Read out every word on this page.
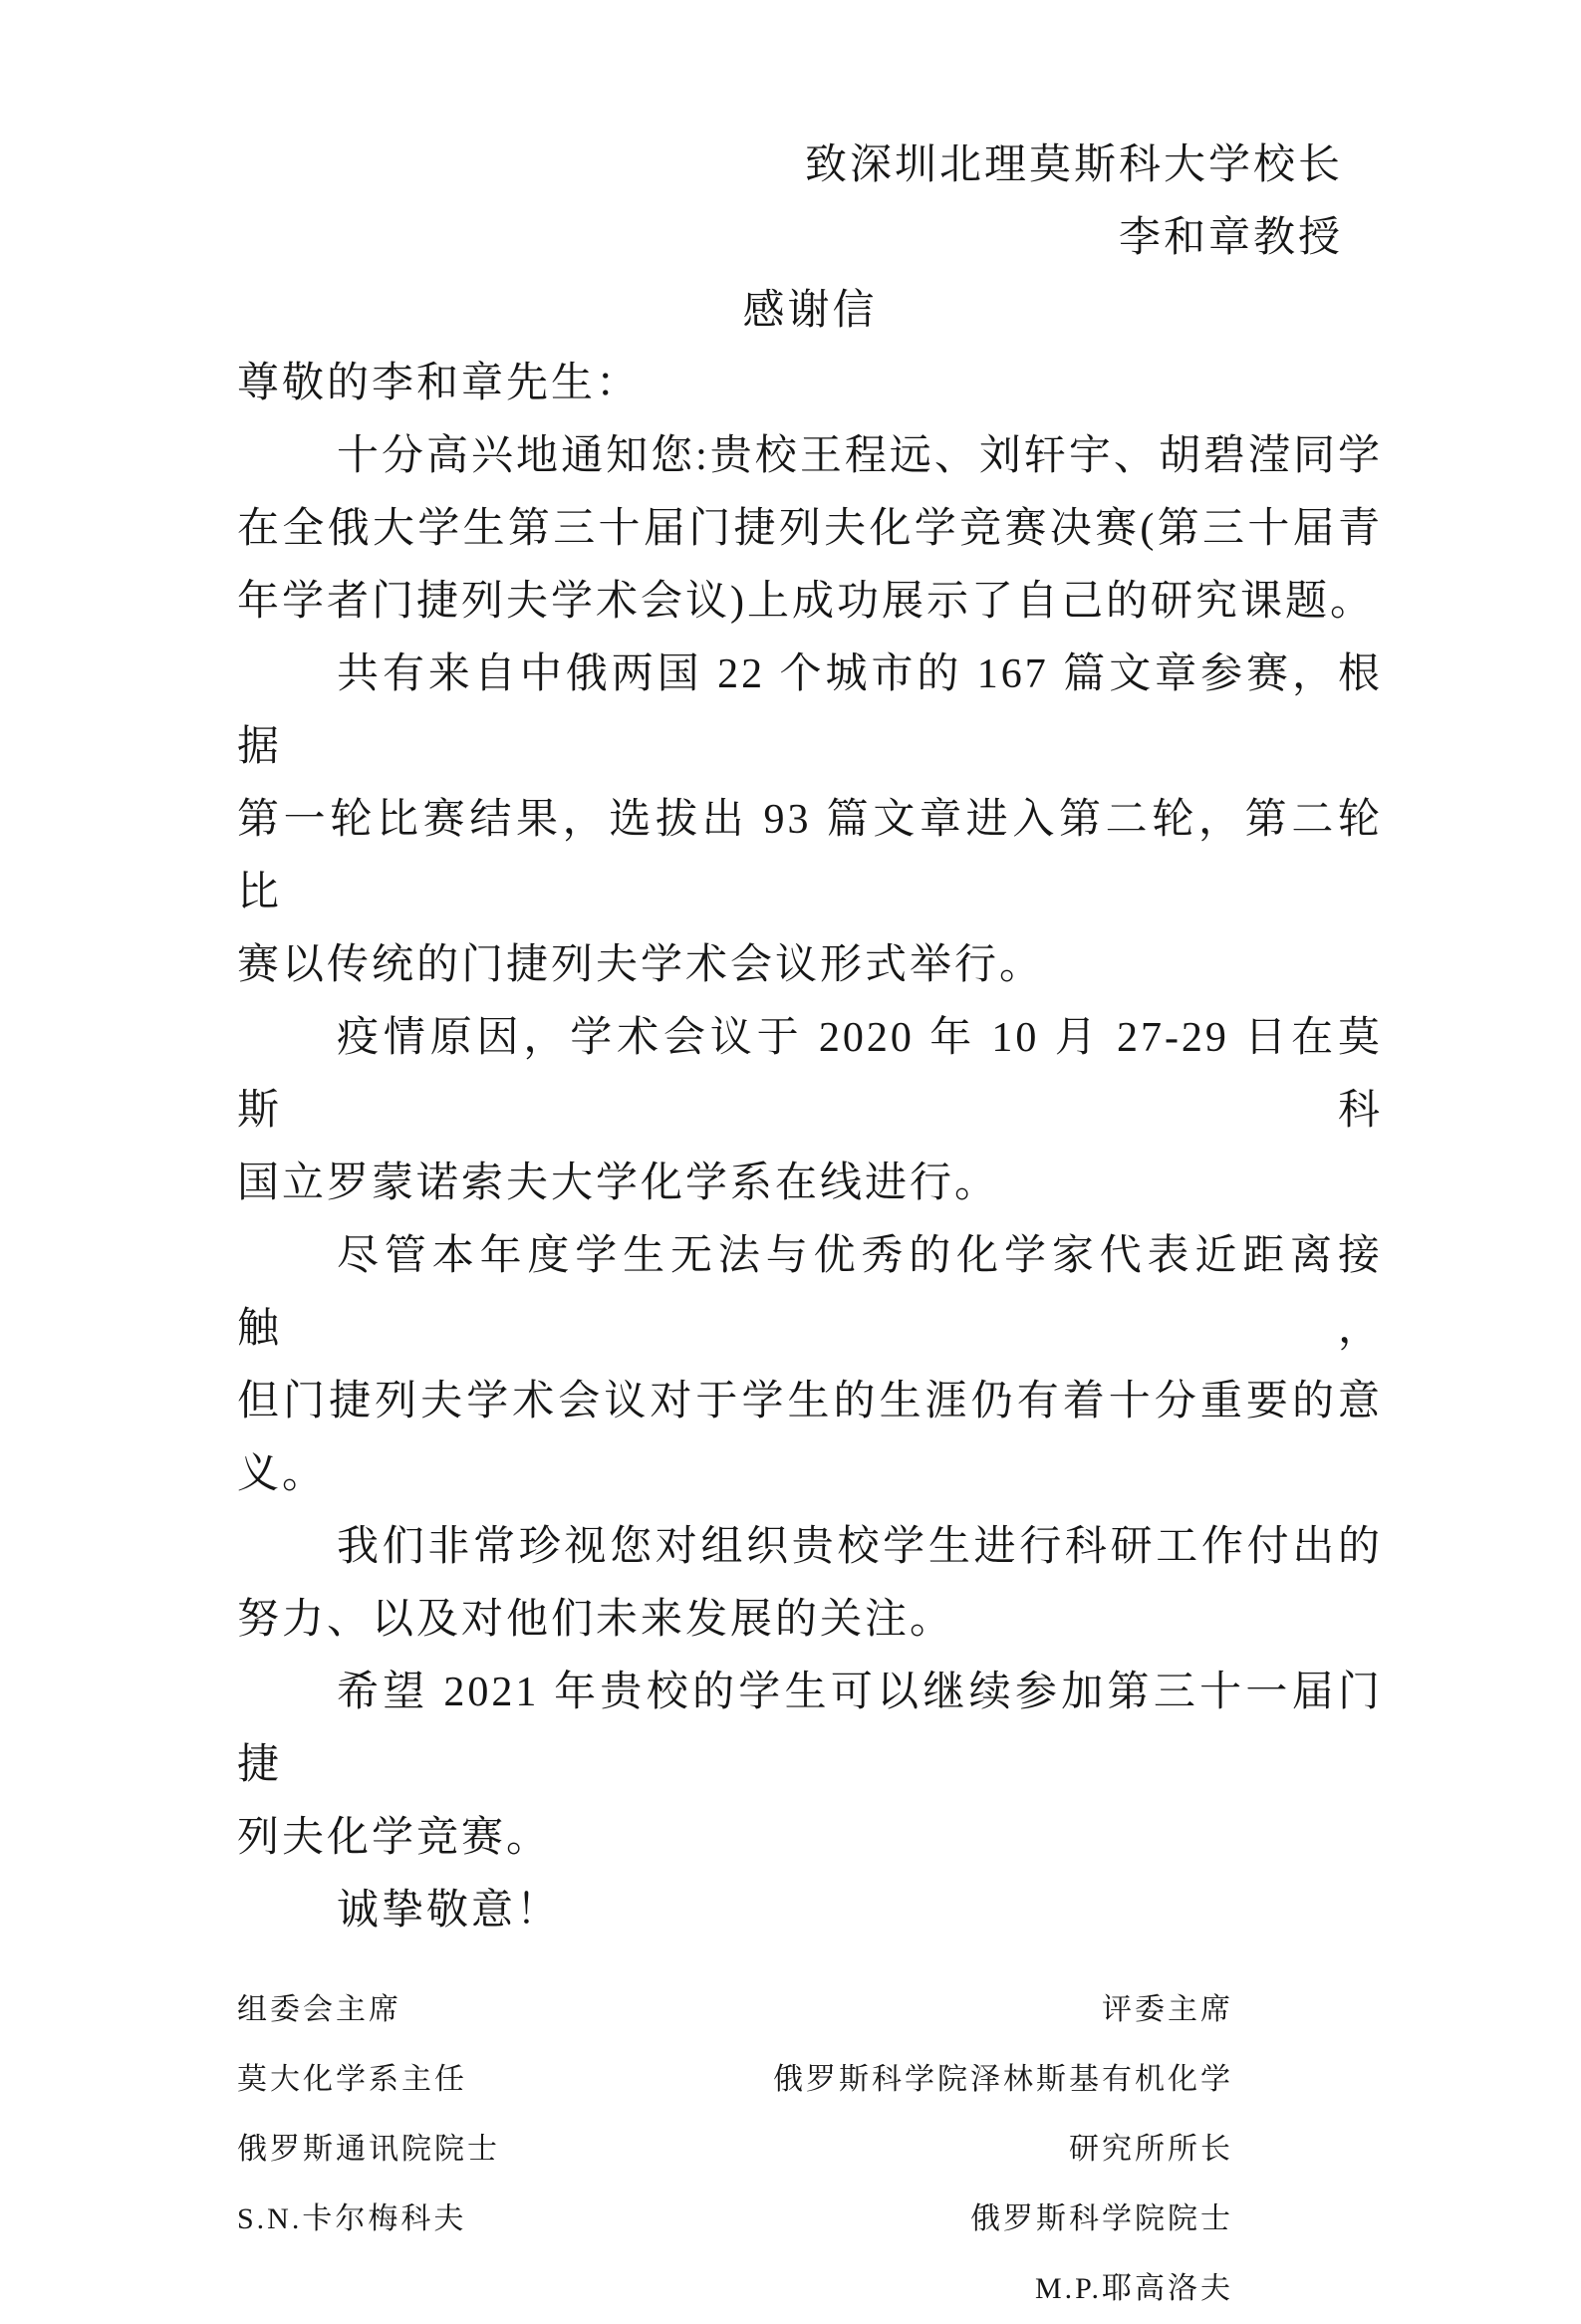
致深圳北理莫斯科大学校长
李和章教授
感谢信
尊敬的李和章先生：
十分高兴地通知您:贵校王程远、刘轩宇、胡碧滢同学
在全俄大学生第三十届门捷列夫化学竞赛决赛(第三十届青
年学者门捷列夫学术会议)上成功展示了自己的研究课题。
共有来自中俄两国 22 个城市的 167 篇文章参赛，根据
第一轮比赛结果，选拔出 93 篇文章进入第二轮，第二轮比
赛以传统的门捷列夫学术会议形式举行。
疫情原因，学术会议于 2020 年 10 月 27-29 日在莫斯科
国立罗蒙诺索夫大学化学系在线进行。
尽管本年度学生无法与优秀的化学家代表近距离接触，
但门捷列夫学术会议对于学生的生涯仍有着十分重要的意
义。
我们非常珍视您对组织贵校学生进行科研工作付出的
努力、以及对他们未来发展的关注。
希望 2021 年贵校的学生可以继续参加第三十一届门捷
列夫化学竞赛。
诚挚敬意！
组委会主席	评委主席
莫大化学系主任	俄罗斯科学院泽林斯基有机化学
俄罗斯通讯院院士	研究所所长
S.N.卡尔梅科夫	俄罗斯科学院院士
M.P.耶高洛夫
